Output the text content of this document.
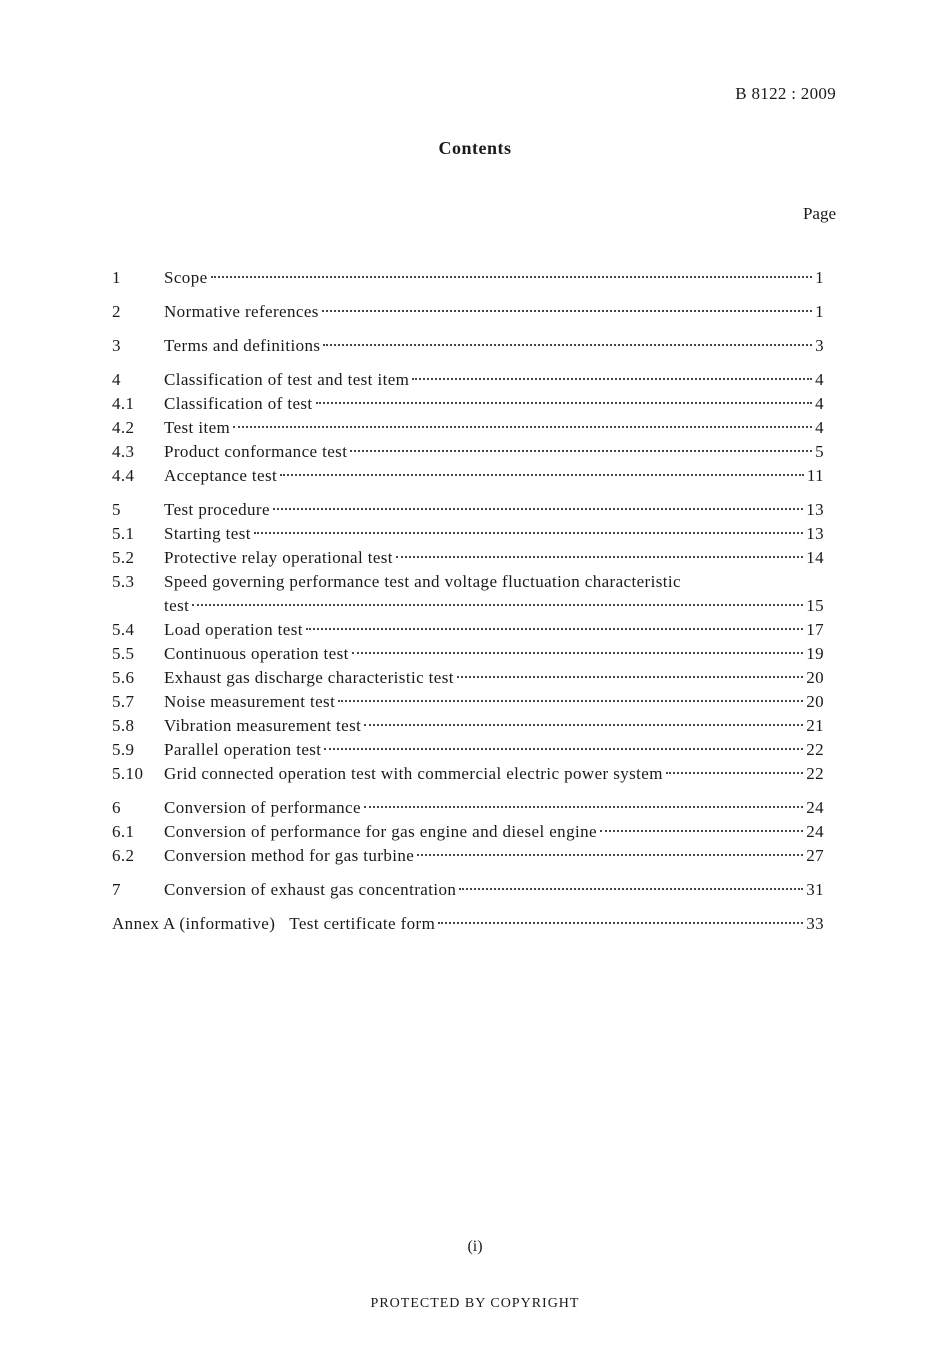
B 8122 : 2009
Contents
Page
1	Scope	1
2	Normative references	1
3	Terms and definitions	3
4	Classification of test and test item	4
4.1	Classification of test	4
4.2	Test item	4
4.3	Product conformance test	5
4.4	Acceptance test	11
5	Test procedure	13
5.1	Starting test	13
5.2	Protective relay operational test	14
5.3	Speed governing performance test and voltage fluctuation characteristic
test	15
5.4	Load operation test	17
5.5	Continuous operation test	19
5.6	Exhaust gas discharge characteristic test	20
5.7	Noise measurement test	20
5.8	Vibration measurement test	21
5.9	Parallel operation test	22
5.10	Grid connected operation test with commercial electric power system	22
6	Conversion of performance	24
6.1	Conversion of performance for gas engine and diesel engine	24
6.2	Conversion method for gas turbine	27
7	Conversion of exhaust gas concentration	31
Annex A (informative) Test certificate form	33
(i)
PROTECTED BY COPYRIGHT
